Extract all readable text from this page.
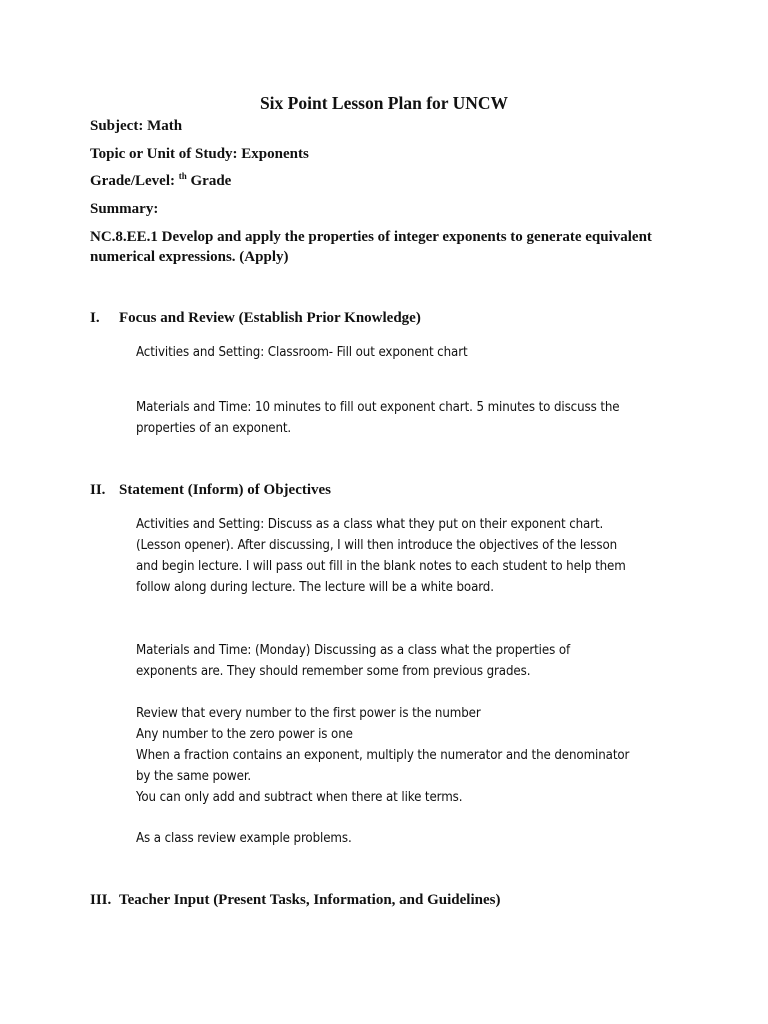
Six Point Lesson Plan for UNCW
Subject: Math
Topic or Unit of Study: Exponents
Grade/Level: $^{th}$ Grade
Summary:
NC.8.EE.1 Develop and apply the properties of integer exponents to generate equivalent
numerical expressions. (Apply)
I. Focus and Review (Establish Prior Knowledge)
Activities and Setting: Classroom- Fill out exponent chart
Materials and Time: 10 minutes to fill out exponent chart. 5 minutes to discuss the
properties of an exponent.
II. Statement (Inform) of Objectives
Activities and Setting: Discuss as a class what they put on their exponent chart.
(Lesson opener). After discussing, I will then introduce the objectives of the lesson
and begin lecture. I will pass out fill in the blank notes to each student to help them
follow along during lecture. The lecture will be a white board.
Materials and Time: (Monday) Discussing as a class what the properties of
exponents are. They should remember some from previous grades.
Review that every number to the first power is the number
Any number to the zero power is one
When a fraction contains an exponent, multiply the numerator and the denominator
by the same power.
You can only add and subtract when there at like terms.
As a class review example problems.
III. Teacher Input (Present Tasks, Information, and Guidelines)
